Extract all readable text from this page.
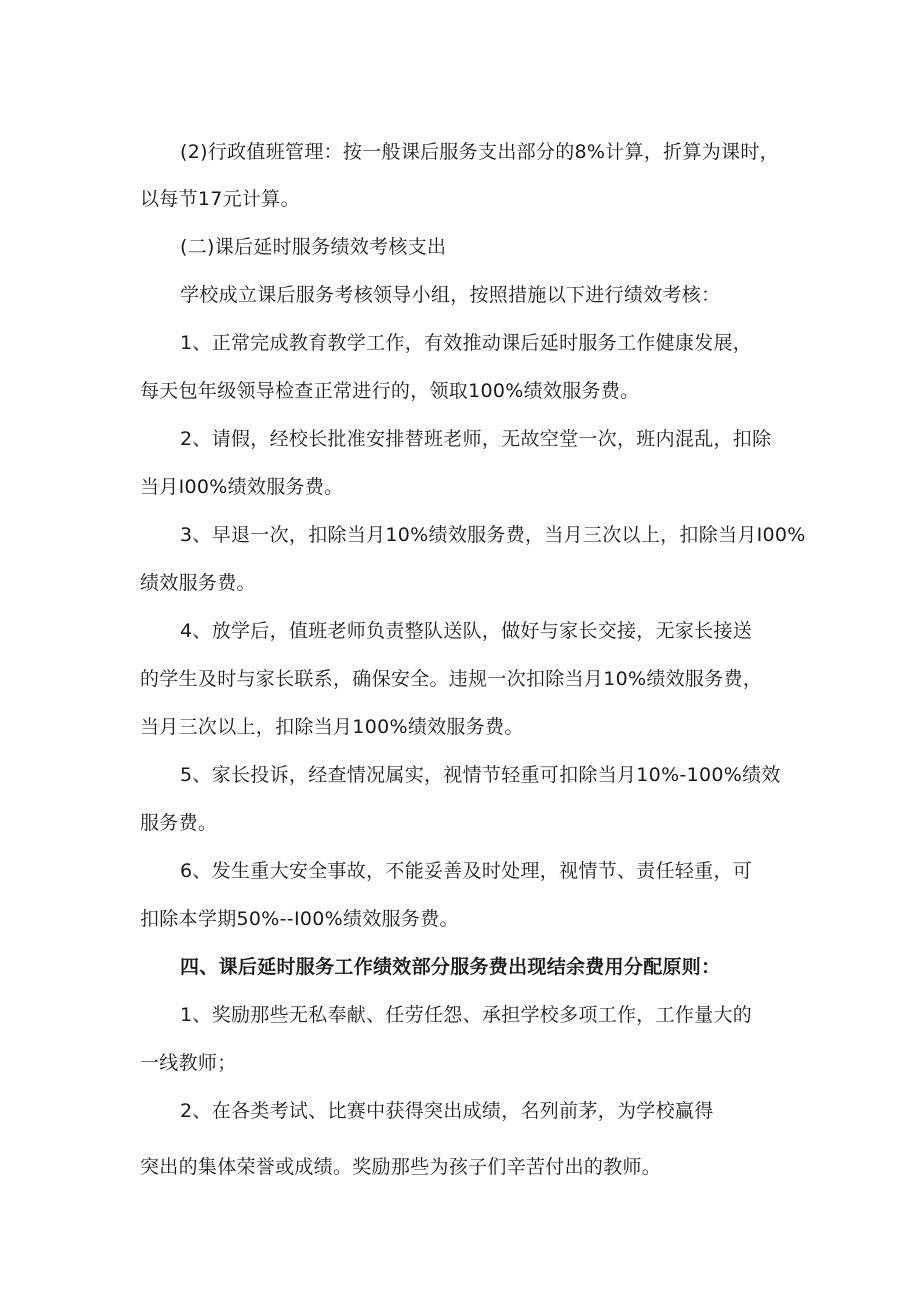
(2)行政值班管理：按一般课后服务支出部分的8%计算，折算为课时，
以每节17元计算。
(二)课后延时服务绩效考核支出
学校成立课后服务考核领导小组，按照措施以下进行绩效考核：
1、正常完成教育教学工作，有效推动课后延时服务工作健康发展，
每天包年级领导检查正常进行的，领取100%绩效服务费。
2、请假，经校长批准安排替班老师，无故空堂一次，班内混乱，扣除
当月I00%绩效服务费。
3、早退一次，扣除当月10%绩效服务费，当月三次以上，扣除当月I00%
绩效服务费。
4、放学后，值班老师负责整队送队，做好与家长交接，无家长接送
的学生及时与家长联系，确保安全。违规一次扣除当月10%绩效服务费，
当月三次以上，扣除当月100%绩效服务费。
5、家长投诉，经查情况属实，视情节轻重可扣除当月10%-100%绩效
服务费。
6、发生重大安全事故，不能妥善及时处理，视情节、责任轻重，可
扣除本学期50%--I00%绩效服务费。
四、课后延时服务工作绩效部分服务费出现结余费用分配原则：
1、奖励那些无私奉献、任劳任怨、承担学校多项工作，工作量大的
一线教师；
2、在各类考试、比赛中获得突出成绩，名列前茅，为学校赢得
突出的集体荣誉或成绩。奖励那些为孩子们辛苦付出的教师。
